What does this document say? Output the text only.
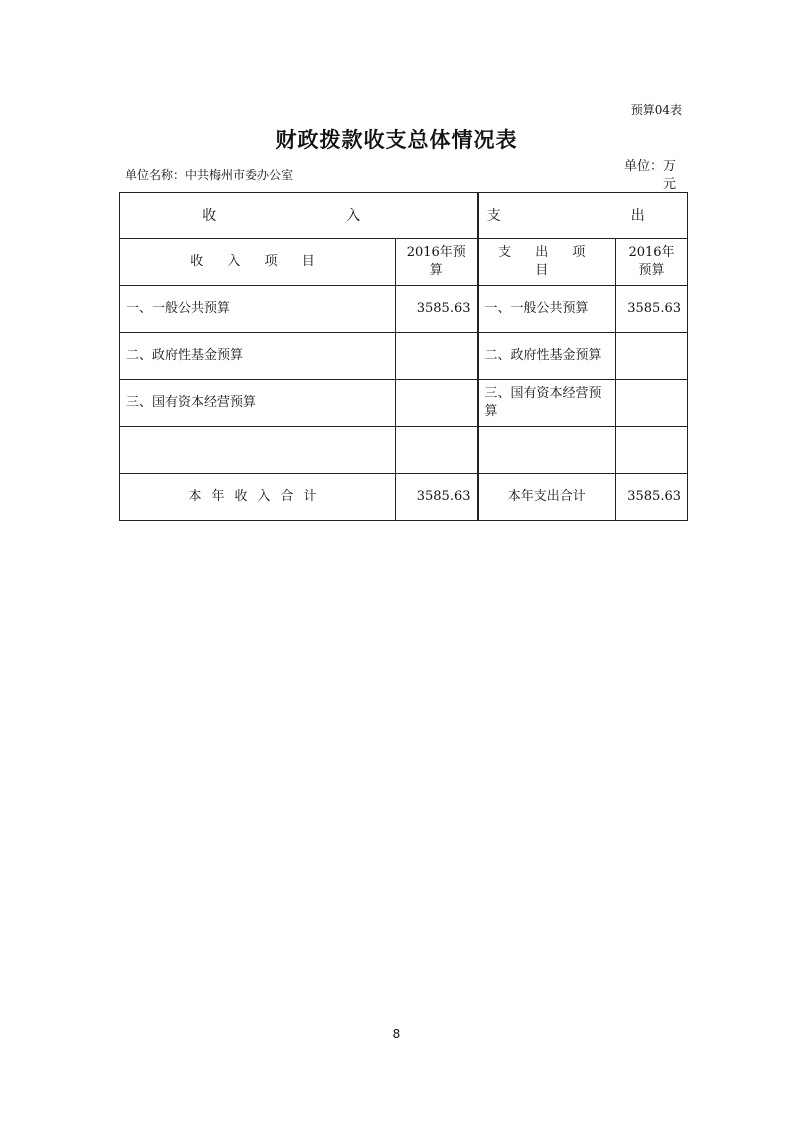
预算04表
财政拨款收支总体情况表
单位名称：中共梅州市委办公室
单位：万元
收　　入		支　　出	
收 入 项 目	2016年预算	支 出 项 目	2016年预算
一、一般公共预算	3585.63	一、一般公共预算	3585.63
二、政府性基金预算		二、政府性基金预算	
三、国有资本经营预算		三、国有资本经营预算	

本年收入合计	3585.63	本年支出合计	3585.63
8
